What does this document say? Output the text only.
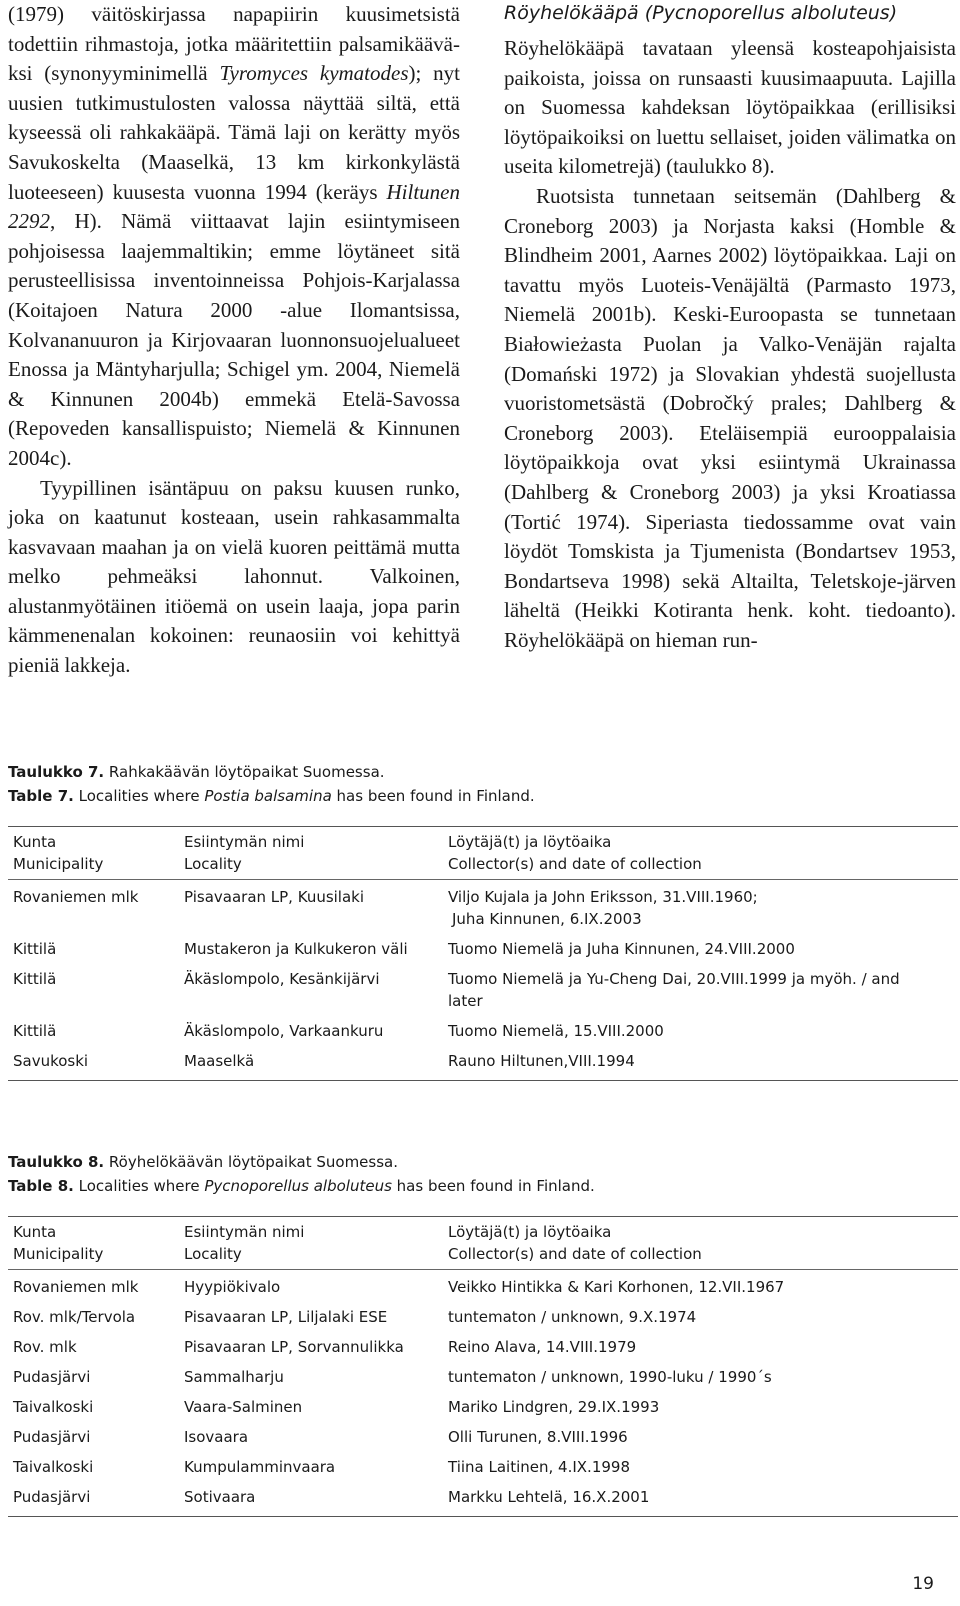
(1979) väitöskirjassa napapiirin kuusimetsistä todettiin rihmastoja, jotka määritettiin palsamikääväksi (synonyyminimellä Tyromyces kymatodes); nyt uusien tutkimustulosten valossa näyttää siltä, että kyseessä oli rahkakääpä. Tämä laji on kerätty myös Savukoskelta (Maaselkä, 13 km kirkonkylästä luoteeseen) kuusesta vuonna 1994 (keräys Hiltunen 2292, H). Nämä viittaavat lajin esiintymiseen pohjoisessa laajemmaltikin; emme löytäneet sitä perusteellisissa inventoinneissa Pohjois-Karjalassa (Koitajoen Natura 2000 -alue Ilomantsissa, Kolvananuuron ja Kirjovaaran luonnonsuojelualueet Enossa ja Mäntyharjulla; Schigel ym. 2004, Niemelä & Kinnunen 2004b) emmekä Etelä-Savossa (Repoveden kansallispuisto; Niemelä & Kinnunen 2004c).

Tyypillinen isäntäpuu on paksu kuusen runko, joka on kaatunut kosteaan, usein rahkasammalta kasvavaan maahan ja on vielä kuoren peittämä mutta melko pehmeäksi lahonnut. Valkoinen, alustanmyötäinen itiöemä on usein laaja, jopa parin kämmenenalan kokoinen: reunaosiin voi kehittyä pieniä lakkeja.

Röyhelökääpä (Pycnoporellus alboluteus)

Röyhelökääpä tavataan yleensä kosteapohjaisista paikoista, joissa on runsaasti kuusimaapuuta. Lajilla on Suomessa kahdeksan löytöpaikkaa (erillisiksi löytöpaikoiksi on luettu sellaiset, joiden välimatka on useita kilometrejä) (taulukko 8).

Ruotsista tunnetaan seitsemän (Dahlberg & Croneborg 2003) ja Norjasta kaksi (Homble & Blindheim 2001, Aarnes 2002) löytöpaikkaa. Laji on tavattu myös Luoteis-Venäjältä (Parmasto 1973, Niemelä 2001b). Keski-Euroopasta se tunnetaan Białowieżasta Puolan ja Valko-Venäjän rajalta (Domański 1972) ja Slovakian yhdestä suojellusta vuoristometsästä (Dobročký prales; Dahlberg & Croneborg 2003). Eteläisempiä eurooppalaisia löytöpaikkoja ovat yksi esiintymä Ukrainassa (Dahlberg & Croneborg 2003) ja yksi Kroatiassa (Tortić 1974). Siperiasta tiedossamme ovat vain löydöt Tomskista ja Tjumenista (Bondartsev 1953, Bondartseva 1998) sekä Altailta, Teletskoje-järven läheltä (Heikki Kotiranta henk. koht. tiedoanto). Röyhelökääpä on hieman run-

Taulukko 7. Rahkakäävän löytöpaikat Suomessa.
Table 7. Localities where Postia balsamina has been found in Finland.
Kunta
Municipality
Esiintymän nimi
Locality
Löytäjä(t) ja löytöaika
Collector(s) and date of collection
Rovaniemen mlk	Pisavaaran LP, Kuusilaki	Viljo Kujala ja John Eriksson, 31.VIII.1960;
Juha Kinnunen, 6.IX.2003
Kittilä	Mustakeron ja Kulkukeron väli	Tuomo Niemelä ja Juha Kinnunen, 24.VIII.2000
Kittilä	Äkäslompolo, Kesänkijärvi	Tuomo Niemelä ja Yu-Cheng Dai, 20.VIII.1999 ja myöh. / and later
Kittilä	Äkäslompolo, Varkaankuru	Tuomo Niemelä, 15.VIII.2000
Savukoski	Maaselkä	Rauno Hiltunen,VIII.1994
Taulukko 8. Röyhelökäävän löytöpaikat Suomessa.
Table 8. Localities where Pycnoporellus alboluteus has been found in Finland.
Kunta
Municipality
Esiintymän nimi
Locality
Löytäjä(t) ja löytöaika
Collector(s) and date of collection
Rovaniemen mlk	Hyypiökivalo	Veikko Hintikka & Kari Korhonen, 12.VII.1967
Rov. mlk/Tervola	Pisavaaran LP, Liljalaki ESE	tuntematon / unknown, 9.X.1974
Rov. mlk	Pisavaaran LP, Sorvannulikka	Reino Alava, 14.VIII.1979
Pudasjärvi	Sammalharju	tuntematon / unknown, 1990-luku / 1990´s
Taivalkoski	Vaara-Salminen	Mariko Lindgren, 29.IX.1993
Pudasjärvi	Isovaara	Olli Turunen, 8.VIII.1996
Taivalkoski	Kumpulamminvaara	Tiina Laitinen, 4.IX.1998
Pudasjärvi	Sotivaara	Markku Lehtelä, 16.X.2001
19
